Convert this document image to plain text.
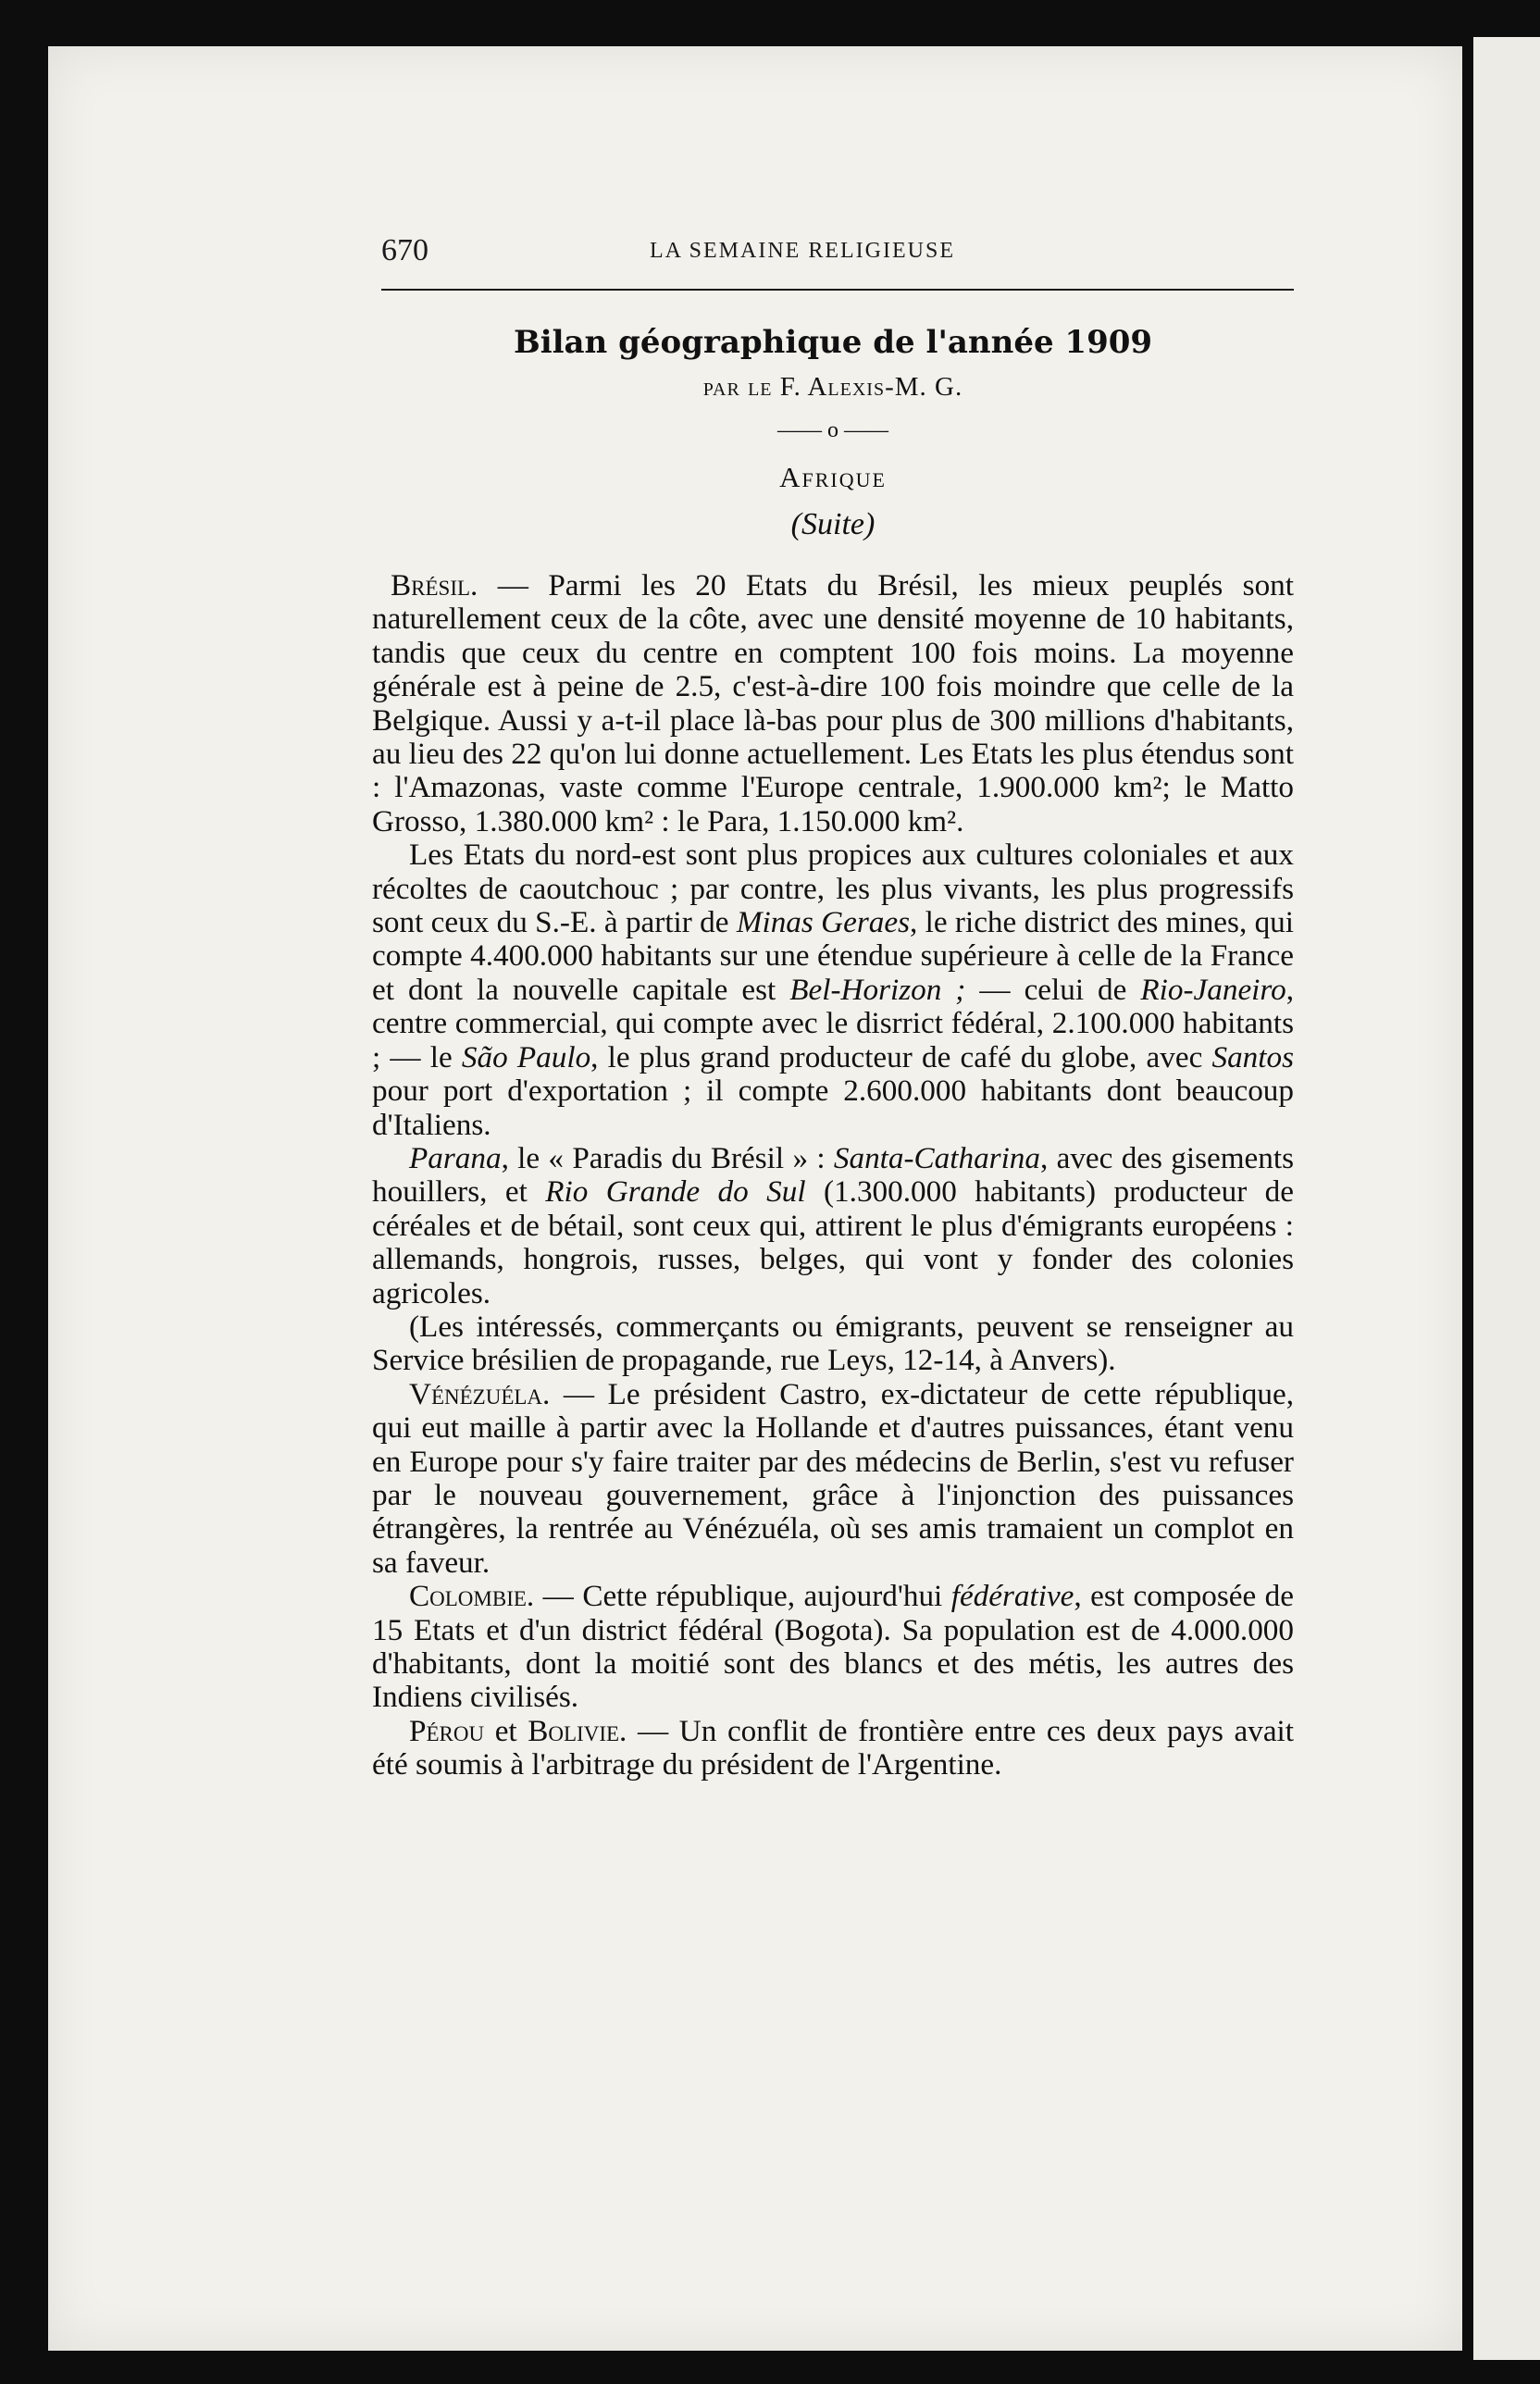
670	LA SEMAINE RELIGIEUSE
Bilan géographique de l'année 1909
par le F. Alexis-M. G.
—— o ——
Afrique
(Suite)

Brésil. — Parmi les 20 Etats du Brésil, les mieux peuplés sont naturellement ceux de la côte, avec une densité moyenne de 10 habitants, tandis que ceux du centre en comptent 100 fois moins. La moyenne générale est à peine de 2.5, c'est-à-dire 100 fois moindre que celle de la Belgique. Aussi y a-t-il place là-bas pour plus de 300 millions d'habitants, au lieu des 22 qu'on lui donne actuellement. Les Etats les plus étendus sont : l'Amazonas, vaste comme l'Europe centrale, 1.900.000 km²; le Matto Grosso, 1.380.000 km² : le Para, 1.150.000 km².

Les Etats du nord-est sont plus propices aux cultures coloniales et aux récoltes de caoutchouc ; par contre, les plus vivants, les plus progressifs sont ceux du S.-E. à partir de Minas Geraes, le riche district des mines, qui compte 4.400.000 habitants sur une étendue supérieure à celle de la France et dont la nouvelle capitale est Bel-Horizon ; — celui de Rio-Janeiro, centre commercial, qui compte avec le disrrict fédéral, 2.100.000 habitants ; — le São Paulo, le plus grand producteur de café du globe, avec Santos pour port d'exportation ; il compte 2.600.000 habitants dont beaucoup d'Italiens.

Parana, le « Paradis du Brésil » : Santa-Catharina, avec des gisements houillers, et Rio Grande do Sul (1.300.000 habitants) producteur de céréales et de bétail, sont ceux qui, attirent le plus d'émigrants européens : allemands, hongrois, russes, belges, qui vont y fonder des colonies agricoles.

(Les intéressés, commerçants ou émigrants, peuvent se renseigner au Service brésilien de propagande, rue Leys, 12-14, à Anvers).

Vénézuéla. — Le président Castro, ex-dictateur de cette république, qui eut maille à partir avec la Hollande et d'autres puissances, étant venu en Europe pour s'y faire traiter par des médecins de Berlin, s'est vu refuser par le nouveau gouvernement, grâce à l'injonction des puissances étrangères, la rentrée au Vénézuéla, où ses amis tramaient un complot en sa faveur.

Colombie. — Cette république, aujourd'hui fédérative, est composée de 15 Etats et d'un district fédéral (Bogota). Sa population est de 4.000.000 d'habitants, dont la moitié sont des blancs et des métis, les autres des Indiens civilisés.

Pérou et Bolivie. — Un conflit de frontière entre ces deux pays avait été soumis à l'arbitrage du président de l'Argentine.
